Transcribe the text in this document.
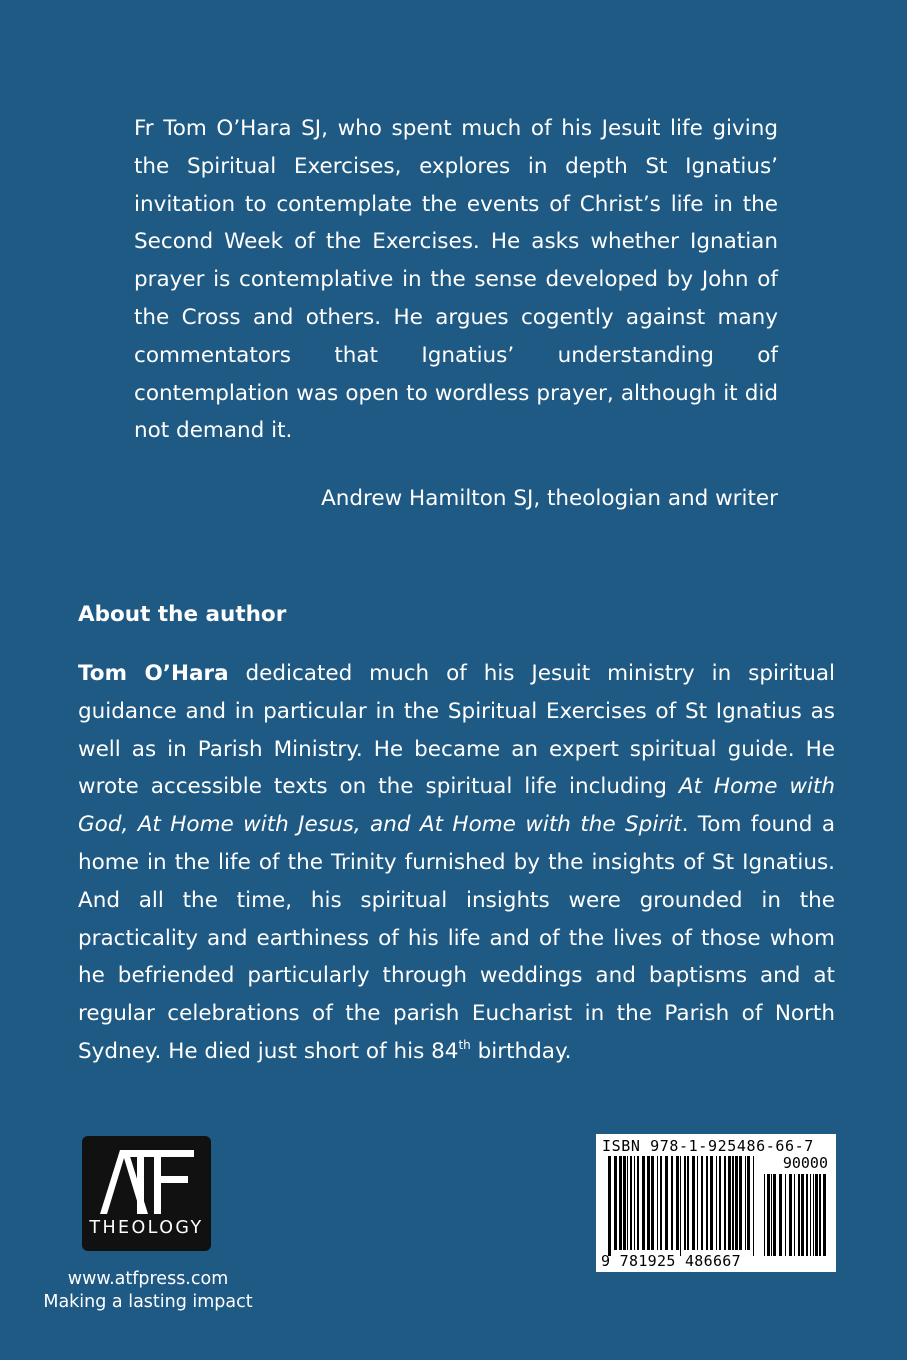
Fr Tom O’Hara SJ, who spent much of his Jesuit life giving the Spiritual Exercises, explores in depth St Ignatius’ invitation to contemplate the events of Christ’s life in the Second Week of the Exercises. He asks whether Ignatian prayer is contemplative in the sense developed by John of the Cross and others. He argues cogently against many commentators that Ignatius’ understanding of contemplation was open to wordless prayer, although it did not demand it.

Andrew Hamilton SJ, theologian and writer

About the author

Tom O’Hara dedicated much of his Jesuit ministry in spiritual guidance and in particular in the Spiritual Exercises of St Ignatius as well as in Parish Ministry. He became an expert spiritual guide. He wrote accessible texts on the spiritual life including At Home with God, At Home with Jesus, and At Home with the Spirit. Tom found a home in the life of the Trinity furnished by the insights of St Ignatius. And all the time, his spiritual insights were grounded in the practicality and earthiness of his life and of the lives of those whom he befriended particularly through weddings and baptisms and at regular celebrations of the parish Eucharist in the Parish of North Sydney. He died just short of his 84th birthday.

THEOLOGY
www.atfpress.com
Making a lasting impact
ISBN 978-1-925486-66-7
90000
9 781925 486667
